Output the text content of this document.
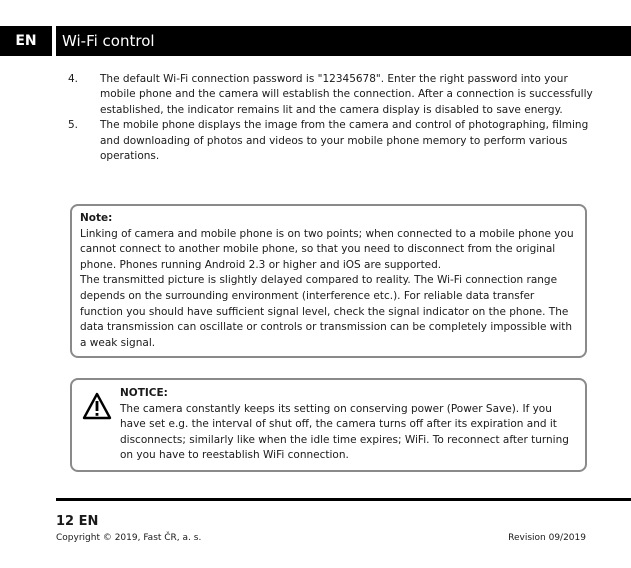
EN	Wi-Fi control
4.	The default Wi-Fi connection password is "12345678". Enter the right password into your mobile phone and the camera will establish the connection. After a connection is successfully established, the indicator remains lit and the camera display is disabled to save energy.
5.	The mobile phone displays the image from the camera and control of photographing, filming and downloading of photos and videos to your mobile phone memory to perform various operations.
Note:
Linking of camera and mobile phone is on two points; when connected to a mobile phone you cannot connect to another mobile phone, so that you need to disconnect from the original phone. Phones running Android 2.3 or higher and iOS are supported.
The transmitted picture is slightly delayed compared to reality. The Wi-Fi connection range depends on the surrounding environment (interference etc.). For reliable data transfer function you should have sufficient signal level, check the signal indicator on the phone. The data transmission can oscillate or controls or transmission can be completely impossible with a weak signal.
NOTICE:
The camera constantly keeps its setting on conserving power (Power Save). If you have set e.g. the interval of shut off, the camera turns off after its expiration and it disconnects; similarly like when the idle time expires; WiFi. To reconnect after turning on you have to reestablish WiFi connection.
12 EN
Copyright © 2019, Fast ČR, a. s.	Revision 09/2019
